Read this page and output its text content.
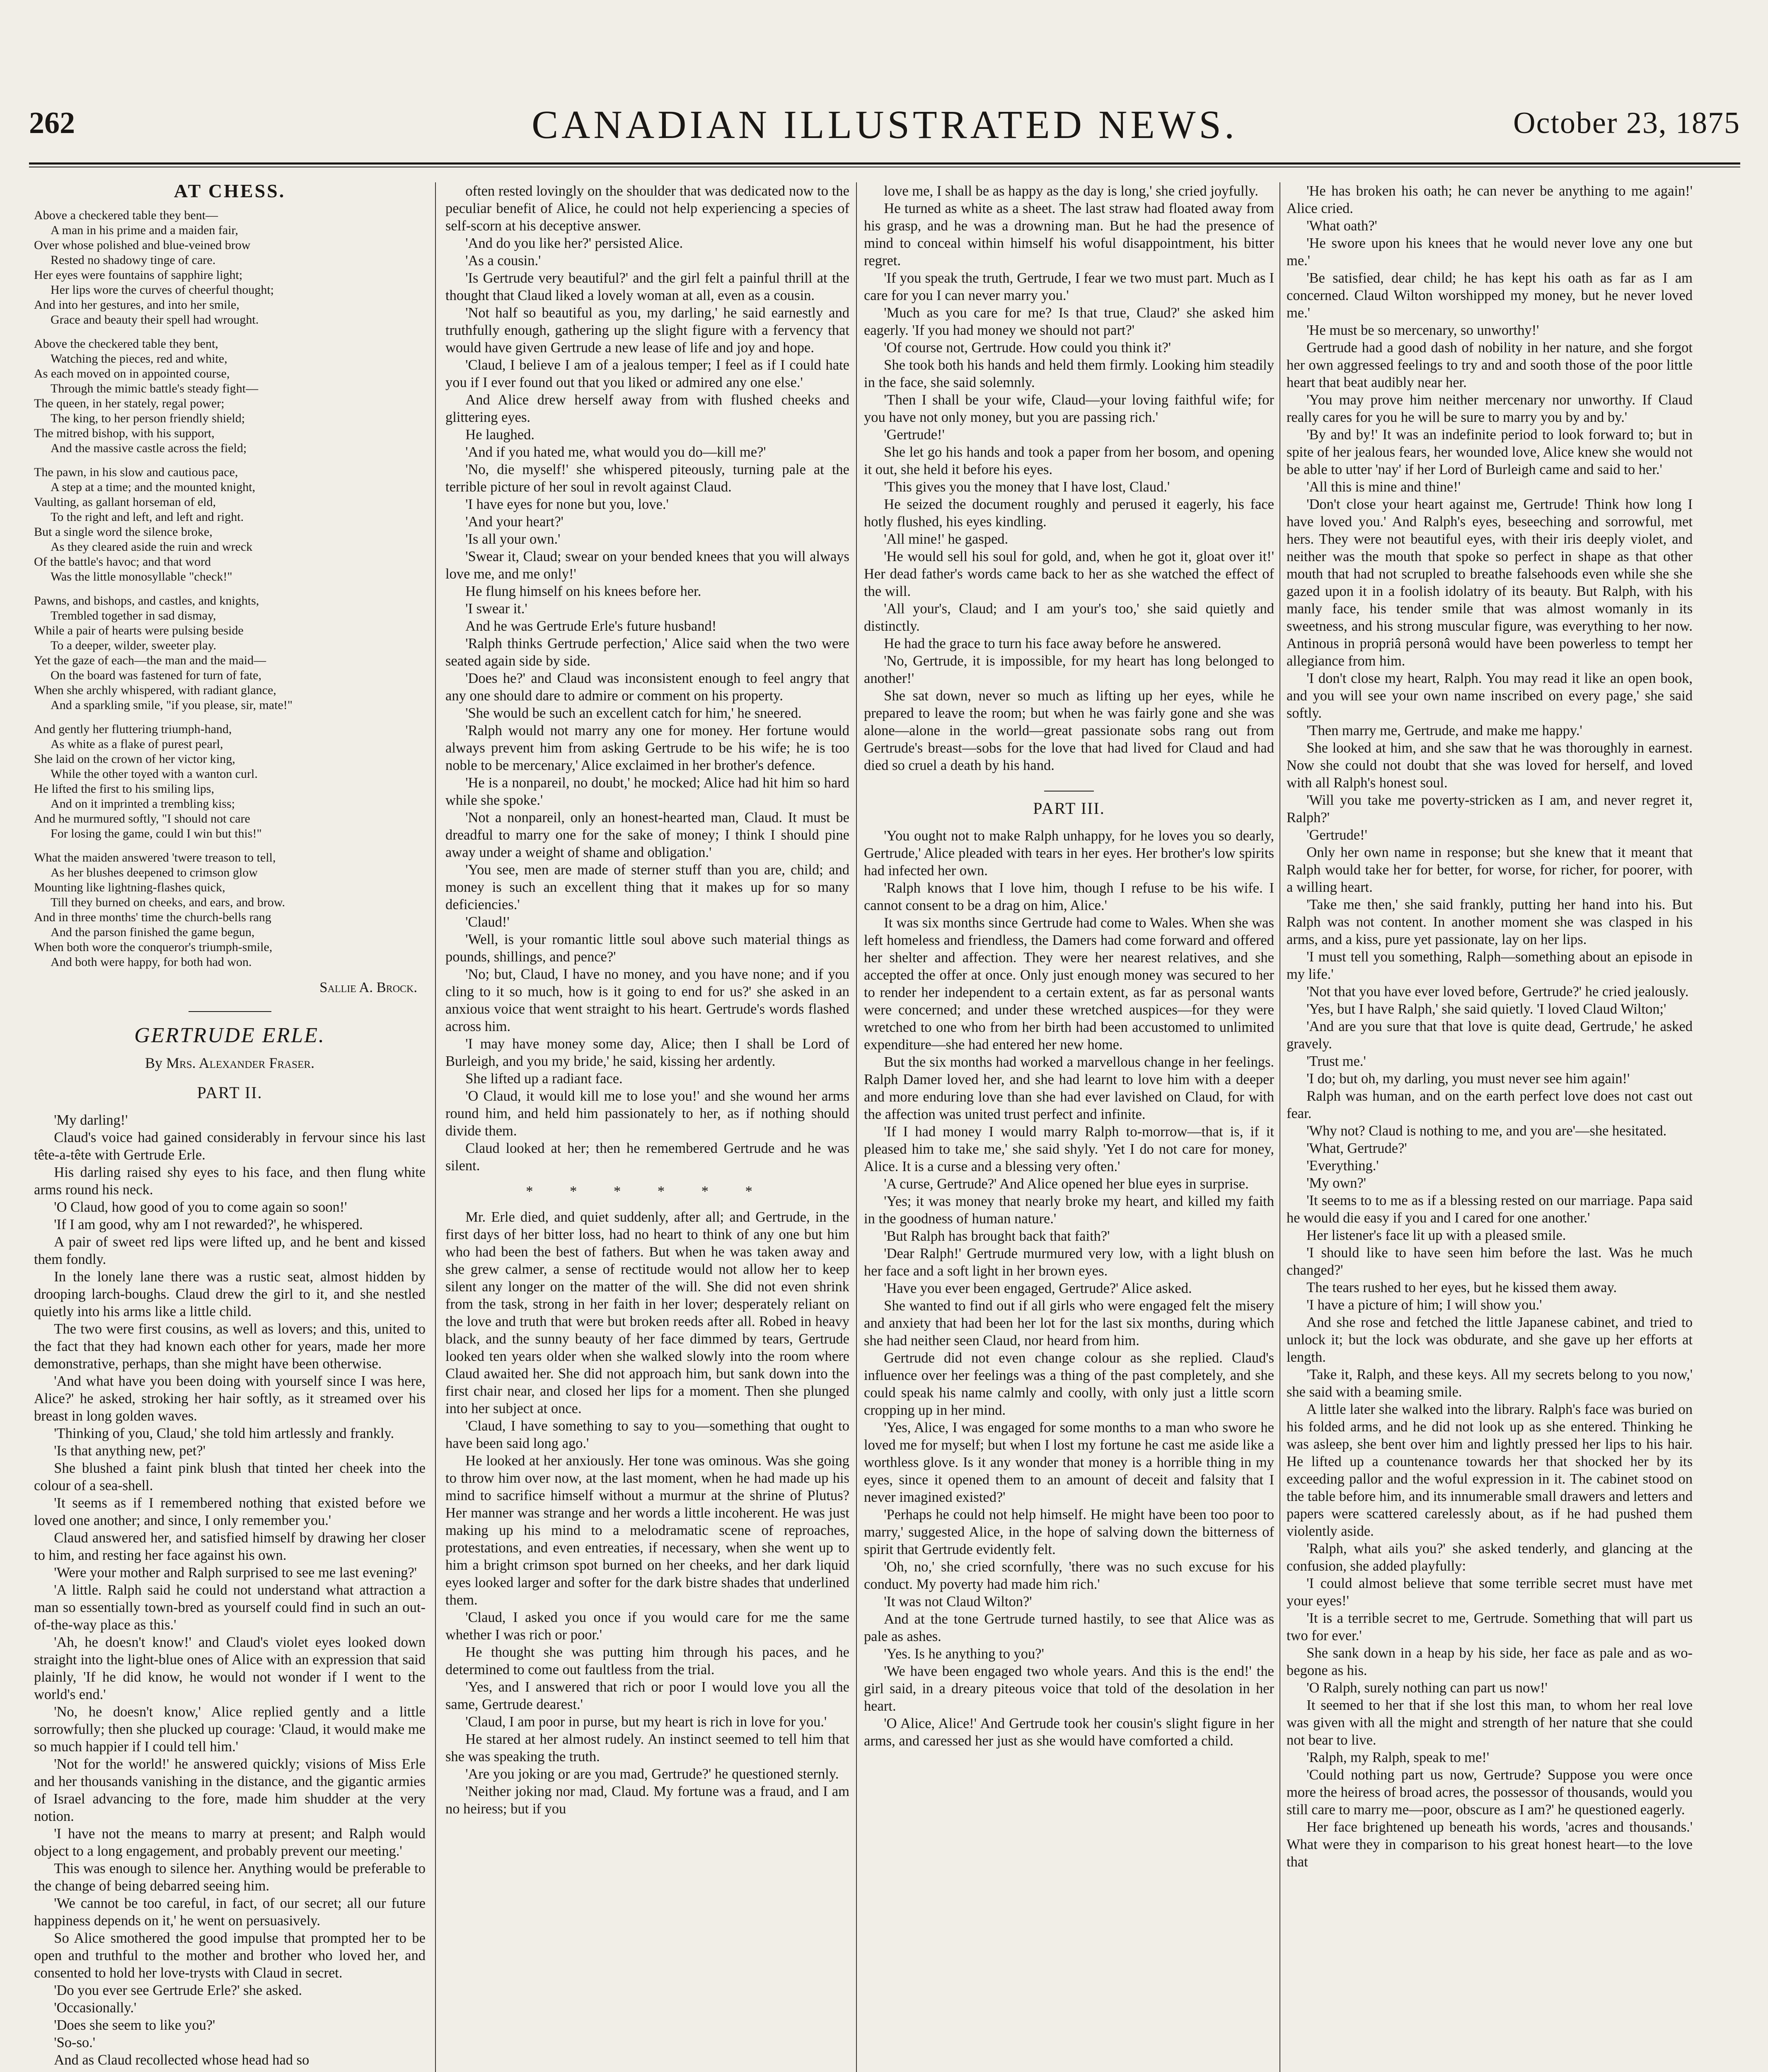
262	CANADIAN ILLUSTRATED NEWS.	October 23, 1875
AT CHESS.
Above a checkered table they bent—
A man in his prime and a maiden fair,
Over whose polished and blue-veined brow
Rested no shadowy tinge of care.
Her eyes were fountains of sapphire light;
Her lips wore the curves of cheerful thought;
And into her gestures, and into her smile,
Grace and beauty their spell had wrought.
Above the checkered table they bent,
Watching the pieces, red and white,
As each moved on in appointed course,
Through the mimic battle's steady fight—
The queen, in her stately, regal power;
The king, to her person friendly shield;
The mitred bishop, with his support,
And the massive castle across the field;
The pawn, in his slow and cautious pace,
A step at a time; and the mounted knight,
Vaulting, as gallant horseman of eld,
To the right and left, and left and right.
But a single word the silence broke,
As they cleared aside the ruin and wreck
Of the battle's havoc; and that word
Was the little monosyllable "check!"
Pawns, and bishops, and castles, and knights,
Trembled together in sad dismay,
While a pair of hearts were pulsing beside
To a deeper, wilder, sweeter play.
Yet the gaze of each—the man and the maid—
On the board was fastened for turn of fate,
When she archly whispered, with radiant glance,
And a sparkling smile, "if you please, sir, mate!"
And gently her fluttering triumph-hand,
As white as a flake of purest pearl,
She laid on the crown of her victor king,
While the other toyed with a wanton curl.
He lifted the first to his smiling lips,
And on it imprinted a trembling kiss;
And he murmured softly, "I should not care
For losing the game, could I win but this!"
What the maiden answered 'twere treason to tell,
As her blushes deepened to crimson glow
Mounting like lightning-flashes quick,
Till they burned on cheeks, and ears, and brow.
And in three months' time the church-bells rang
And the parson finished the game begun,
When both wore the conqueror's triumph-smile,
And both were happy, for both had won.
Sallie A. Brock.
GERTRUDE ERLE.
By Mrs. Alexander Fraser.
PART II.

'My darling!'

Claud's voice had gained considerably in fervour since his last tête-a-tête with Gertrude Erle.

His darling raised shy eyes to his face, and then flung white arms round his neck.

'O Claud, how good of you to come again so soon!'

'If I am good, why am I not rewarded?', he whispered.

A pair of sweet red lips were lifted up, and he bent and kissed them fondly.

In the lonely lane there was a rustic seat, almost hidden by drooping larch-boughs. Claud drew the girl to it, and she nestled quietly into his arms like a little child.

The two were first cousins, as well as lovers; and this, united to the fact that they had known each other for years, made her more demonstrative, perhaps, than she might have been otherwise.

'And what have you been doing with yourself since I was here, Alice?' he asked, stroking her hair softly, as it streamed over his breast in long golden waves.

'Thinking of you, Claud,' she told him artlessly and frankly.

'Is that anything new, pet?'

She blushed a faint pink blush that tinted her cheek into the colour of a sea-shell.

'It seems as if I remembered nothing that existed before we loved one another; and since, I only remember you.'

Claud answered her, and satisfied himself by drawing her closer to him, and resting her face against his own.

'Were your mother and Ralph surprised to see me last evening?'

'A little. Ralph said he could not understand what attraction a man so essentially town-bred as yourself could find in such an out-of-the-way place as this.'

'Ah, he doesn't know!' and Claud's violet eyes looked down straight into the light-blue ones of Alice with an expression that said plainly, 'If he did know, he would not wonder if I went to the world's end.'

'No, he doesn't know,' Alice replied gently and a little sorrowfully; then she plucked up courage: 'Claud, it would make me so much happier if I could tell him.'

'Not for the world!' he answered quickly; visions of Miss Erle and her thousands vanishing in the distance, and the gigantic armies of Israel advancing to the fore, made him shudder at the very notion.

'I have not the means to marry at present; and Ralph would object to a long engagement, and probably prevent our meeting.'

This was enough to silence her. Anything would be preferable to the change of being debarred seeing him.

'We cannot be too careful, in fact, of our secret; all our future happiness depends on it,' he went on persuasively.

So Alice smothered the good impulse that prompted her to be open and truthful to the mother and brother who loved her, and consented to hold her love-trysts with Claud in secret.

'Do you ever see Gertrude Erle?' she asked.

'Occasionally.'

'Does she seem to like you?'

'So-so.'

And as Claud recollected whose head had so

often rested lovingly on the shoulder that was dedicated now to the peculiar benefit of Alice, he could not help experiencing a species of self-scorn at his deceptive answer.

'And do you like her?' persisted Alice.

'As a cousin.'

'Is Gertrude very beautiful?' and the girl felt a painful thrill at the thought that Claud liked a lovely woman at all, even as a cousin.

'Not half so beautiful as you, my darling,' he said earnestly and truthfully enough, gathering up the slight figure with a fervency that would have given Gertrude a new lease of life and joy and hope.

'Claud, I believe I am of a jealous temper; I feel as if I could hate you if I ever found out that you liked or admired any one else.'

And Alice drew herself away from with flushed cheeks and glittering eyes.

He laughed.

'And if you hated me, what would you do—kill me?'

'No, die myself!' she whispered piteously, turning pale at the terrible picture of her soul in revolt against Claud.

'I have eyes for none but you, love.'

'And your heart?'

'Is all your own.'

'Swear it, Claud; swear on your bended knees that you will always love me, and me only!'

He flung himself on his knees before her.

'I swear it.'

And he was Gertrude Erle's future husband!

'Ralph thinks Gertrude perfection,' Alice said when the two were seated again side by side.

'Does he?' and Claud was inconsistent enough to feel angry that any one should dare to admire or comment on his property.

'She would be such an excellent catch for him,' he sneered.

'Ralph would not marry any one for money. Her fortune would always prevent him from asking Gertrude to be his wife; he is too noble to be mercenary,' Alice exclaimed in her brother's defence.

'He is a nonpareil, no doubt,' he mocked; Alice had hit him so hard while she spoke.'

'Not a nonpareil, only an honest-hearted man, Claud. It must be dreadful to marry one for the sake of money; I think I should pine away under a weight of shame and obligation.'

'You see, men are made of sterner stuff than you are, child; and money is such an excellent thing that it makes up for so many deficiencies.'

'Claud!'

'Well, is your romantic little soul above such material things as pounds, shillings, and pence?'

'No; but, Claud, I have no money, and you have none; and if you cling to it so much, how is it going to end for us?' she asked in an anxious voice that went straight to his heart. Gertrude's words flashed across him.

'I may have money some day, Alice; then I shall be Lord of Burleigh, and you my bride,' he said, kissing her ardently.

She lifted up a radiant face.

'O Claud, it would kill me to lose you!' and she wound her arms round him, and held him passionately to her, as if nothing should divide them.

Claud looked at her; then he remembered Gertrude and he was silent.

* * * * * *

Mr. Erle died, and quiet suddenly, after all; and Gertrude, in the first days of her bitter loss, had no heart to think of any one but him who had been the best of fathers. But when he was taken away and she grew calmer, a sense of rectitude would not allow her to keep silent any longer on the matter of the will. She did not even shrink from the task, strong in her faith in her lover; desperately reliant on the love and truth that were but broken reeds after all. Robed in heavy black, and the sunny beauty of her face dimmed by tears, Gertrude looked ten years older when she walked slowly into the room where Claud awaited her. She did not approach him, but sank down into the first chair near, and closed her lips for a moment. Then she plunged into her subject at once.

'Claud, I have something to say to you—something that ought to have been said long ago.'

He looked at her anxiously. Her tone was ominous. Was she going to throw him over now, at the last moment, when he had made up his mind to sacrifice himself without a murmur at the shrine of Plutus? Her manner was strange and her words a little incoherent. He was just making up his mind to a melodramatic scene of reproaches, protestations, and even entreaties, if necessary, when she went up to him a bright crimson spot burned on her cheeks, and her dark liquid eyes looked larger and softer for the dark bistre shades that underlined them.

'Claud, I asked you once if you would care for me the same whether I was rich or poor.'

He thought she was putting him through his paces, and he determined to come out faultless from the trial.

'Yes, and I answered that rich or poor I would love you all the same, Gertrude dearest.'

'Claud, I am poor in purse, but my heart is rich in love for you.'

He stared at her almost rudely. An instinct seemed to tell him that she was speaking the truth.

'Are you joking or are you mad, Gertrude?' he questioned sternly.

'Neither joking nor mad, Claud. My fortune was a fraud, and I am no heiress; but if you

love me, I shall be as happy as the day is long,' she cried joyfully.

He turned as white as a sheet. The last straw had floated away from his grasp, and he was a drowning man. But he had the presence of mind to conceal within himself his woful disappointment, his bitter regret.

'If you speak the truth, Gertrude, I fear we two must part. Much as I care for you I can never marry you.'

'Much as you care for me? Is that true, Claud?' she asked him eagerly. 'If you had money we should not part?'

'Of course not, Gertrude. How could you think it?'

She took both his hands and held them firmly. Looking him steadily in the face, she said solemnly.

'Then I shall be your wife, Claud—your loving faithful wife; for you have not only money, but you are passing rich.'

'Gertrude!'

She let go his hands and took a paper from her bosom, and opening it out, she held it before his eyes.

'This gives you the money that I have lost, Claud.'

He seized the document roughly and perused it eagerly, his face hotly flushed, his eyes kindling.

'All mine!' he gasped.

'He would sell his soul for gold, and, when he got it, gloat over it!' Her dead father's words came back to her as she watched the effect of the will.

'All your's, Claud; and I am your's too,' she said quietly and distinctly.

He had the grace to turn his face away before he answered.

'No, Gertrude, it is impossible, for my heart has long belonged to another!'

She sat down, never so much as lifting up her eyes, while he prepared to leave the room; but when he was fairly gone and she was alone—alone in the world—great passionate sobs rang out from Gertrude's breast—sobs for the love that had lived for Claud and had died so cruel a death by his hand.

PART III.

'You ought not to make Ralph unhappy, for he loves you so dearly, Gertrude,' Alice pleaded with tears in her eyes. Her brother's low spirits had infected her own.

'Ralph knows that I love him, though I refuse to be his wife. I cannot consent to be a drag on him, Alice.'

It was six months since Gertrude had come to Wales. When she was left homeless and friendless, the Damers had come forward and offered her shelter and affection. They were her nearest relatives, and she accepted the offer at once. Only just enough money was secured to her to render her independent to a certain extent, as far as personal wants were concerned; and under these wretched auspices—for they were wretched to one who from her birth had been accustomed to unlimited expenditure—she had entered her new home.

But the six months had worked a marvellous change in her feelings. Ralph Damer loved her, and she had learnt to love him with a deeper and more enduring love than she had ever lavished on Claud, for with the affection was united trust perfect and infinite.

'If I had money I would marry Ralph to-morrow—that is, if it pleased him to take me,' she said shyly. 'Yet I do not care for money, Alice. It is a curse and a blessing very often.'

'A curse, Gertrude?' And Alice opened her blue eyes in surprise.

'Yes; it was money that nearly broke my heart, and killed my faith in the goodness of human nature.'

'But Ralph has brought back that faith?'

'Dear Ralph!' Gertrude murmured very low, with a light blush on her face and a soft light in her brown eyes.

'Have you ever been engaged, Gertrude?' Alice asked.

She wanted to find out if all girls who were engaged felt the misery and anxiety that had been her lot for the last six months, during which she had neither seen Claud, nor heard from him.

Gertrude did not even change colour as she replied. Claud's influence over her feelings was a thing of the past completely, and she could speak his name calmly and coolly, with only just a little scorn cropping up in her mind.

'Yes, Alice, I was engaged for some months to a man who swore he loved me for myself; but when I lost my fortune he cast me aside like a worthless glove. Is it any wonder that money is a horrible thing in my eyes, since it opened them to an amount of deceit and falsity that I never imagined existed?'

'Perhaps he could not help himself. He might have been too poor to marry,' suggested Alice, in the hope of salving down the bitterness of spirit that Gertrude evidently felt.

'Oh, no,' she cried scornfully, 'there was no such excuse for his conduct. My poverty had made him rich.'

'It was not Claud Wilton?'

And at the tone Gertrude turned hastily, to see that Alice was as pale as ashes.

'Yes. Is he anything to you?'

'We have been engaged two whole years. And this is the end!' the girl said, in a dreary piteous voice that told of the desolation in her heart.

'O Alice, Alice!' And Gertrude took her cousin's slight figure in her arms, and caressed her just as she would have comforted a child.

'He has broken his oath; he can never be anything to me again!' Alice cried.

'What oath?'

'He swore upon his knees that he would never love any one but me.'

'Be satisfied, dear child; he has kept his oath as far as I am concerned. Claud Wilton worshipped my money, but he never loved me.'

'He must be so mercenary, so unworthy!'

Gertrude had a good dash of nobility in her nature, and she forgot her own aggressed feelings to try and and sooth those of the poor little heart that beat audibly near her.

'You may prove him neither mercenary nor unworthy. If Claud really cares for you he will be sure to marry you by and by.'

'By and by!' It was an indefinite period to look forward to; but in spite of her jealous fears, her wounded love, Alice knew she would not be able to utter 'nay' if her Lord of Burleigh came and said to her.'

'All this is mine and thine!'

'Don't close your heart against me, Gertrude! Think how long I have loved you.' And Ralph's eyes, beseeching and sorrowful, met hers. They were not beautiful eyes, with their iris deeply violet, and neither was the mouth that spoke so perfect in shape as that other mouth that had not scrupled to breathe falsehoods even while she she gazed upon it in a foolish idolatry of its beauty. But Ralph, with his manly face, his tender smile that was almost womanly in its sweetness, and his strong muscular figure, was everything to her now. Antinous in propriâ personâ would have been powerless to tempt her allegiance from him.

'I don't close my heart, Ralph. You may read it like an open book, and you will see your own name inscribed on every page,' she said softly.

'Then marry me, Gertrude, and make me happy.'

She looked at him, and she saw that he was thoroughly in earnest. Now she could not doubt that she was loved for herself, and loved with all Ralph's honest soul.

'Will you take me poverty-stricken as I am, and never regret it, Ralph?'

'Gertrude!'

Only her own name in response; but she knew that it meant that Ralph would take her for better, for worse, for richer, for poorer, with a willing heart.

'Take me then,' she said frankly, putting her hand into his. But Ralph was not content. In another moment she was clasped in his arms, and a kiss, pure yet passionate, lay on her lips.

'I must tell you something, Ralph—something about an episode in my life.'

'Not that you have ever loved before, Gertrude?' he cried jealously.

'Yes, but I have Ralph,' she said quietly. 'I loved Claud Wilton;'

'And are you sure that that love is quite dead, Gertrude,' he asked gravely.

'Trust me.'

'I do; but oh, my darling, you must never see him again!'

Ralph was human, and on the earth perfect love does not cast out fear.

'Why not? Claud is nothing to me, and you are'—she hesitated.

'What, Gertrude?'

'Everything.'

'My own?'

'It seems to to me as if a blessing rested on our marriage. Papa said he would die easy if you and I cared for one another.'

Her listener's face lit up with a pleased smile.

'I should like to have seen him before the last. Was he much changed?'

The tears rushed to her eyes, but he kissed them away.

'I have a picture of him; I will show you.'

And she rose and fetched the little Japanese cabinet, and tried to unlock it; but the lock was obdurate, and she gave up her efforts at length.

'Take it, Ralph, and these keys. All my secrets belong to you now,' she said with a beaming smile.

A little later she walked into the library. Ralph's face was buried on his folded arms, and he did not look up as she entered. Thinking he was asleep, she bent over him and lightly pressed her lips to his hair. He lifted up a countenance towards her that shocked her by its exceeding pallor and the woful expression in it. The cabinet stood on the table before him, and its innumerable small drawers and letters and papers were scattered carelessly about, as if he had pushed them violently aside.

'Ralph, what ails you?' she asked tenderly, and glancing at the confusion, she added playfully:

'I could almost believe that some terrible secret must have met your eyes!'

'It is a terrible secret to me, Gertrude. Something that will part us two for ever.'

She sank down in a heap by his side, her face as pale and as wo-begone as his.

'O Ralph, surely nothing can part us now!'

It seemed to her that if she lost this man, to whom her real love was given with all the might and strength of her nature that she could not bear to live.

'Ralph, my Ralph, speak to me!'

'Could nothing part us now, Gertrude? Suppose you were once more the heiress of broad acres, the possessor of thousands, would you still care to marry me—poor, obscure as I am?' he questioned eagerly.

Her face brightened up beneath his words, 'acres and thousands.' What were they in comparison to his great honest heart—to the love that
